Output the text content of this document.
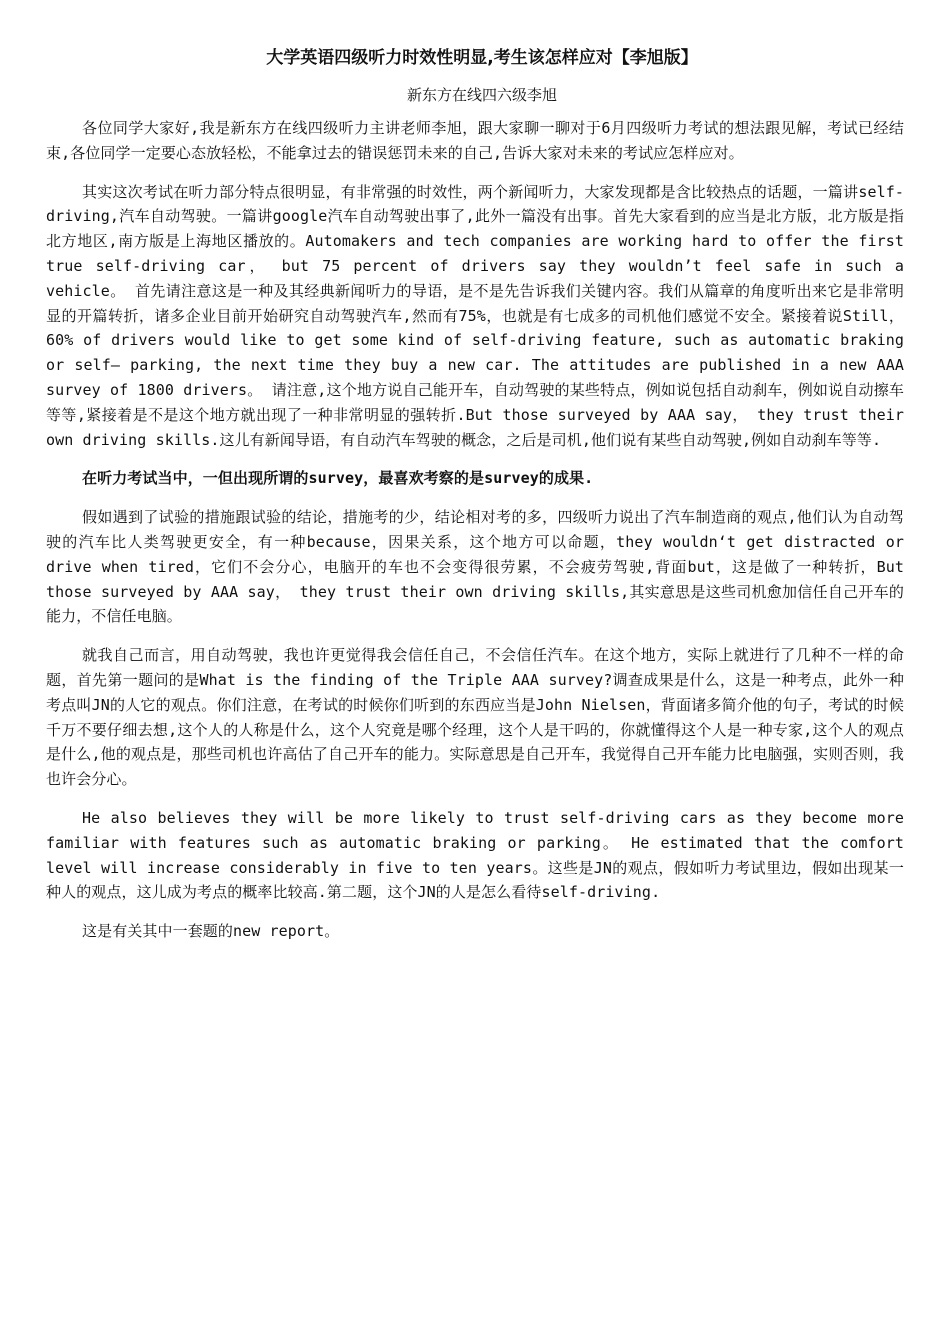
大学英语四级听力时效性明显,考生该怎样应对【李旭版】
新东方在线四六级李旭

各位同学大家好,我是新东方在线四级听力主讲老师李旭，跟大家聊一聊对于6月四级听力考试的想法跟见解，考试已经结束,各位同学一定要心态放轻松，不能拿过去的错误惩罚未来的自己,告诉大家对未来的考试应怎样应对。

其实这次考试在听力部分特点很明显，有非常强的时效性，两个新闻听力，大家发现都是含比较热点的话题，一篇讲self-driving,汽车自动驾驶。一篇讲google汽车自动驾驶出事了,此外一篇没有出事。首先大家看到的应当是北方版，北方版是指北方地区,南方版是上海地区播放的。Automakers and tech companies are working hard to offer the first true self-driving car， but 75 percent of drivers say they wouldn’t feel safe in such a vehicle。 首先请注意这是一种及其经典新闻听力的导语，是不是先告诉我们关键内容。我们从篇章的角度听出来它是非常明显的开篇转折，诸多企业目前开始研究自动驾驶汽车,然而有75%，也就是有七成多的司机他们感觉不安全。紧接着说Still， 60% of drivers would like to get some kind of self-driving feature, such as automatic braking or self— parking, the next time they buy a new car. The attitudes are published in a new AAA survey of 1800 drivers。 请注意,这个地方说自己能开车，自动驾驶的某些特点，例如说包括自动刹车，例如说自动擦车等等,紧接着是不是这个地方就出现了一种非常明显的强转折.But those surveyed by AAA say， they trust their own driving skills.这儿有新闻导语，有自动汽车驾驶的概念，之后是司机,他们说有某些自动驾驶,例如自动刹车等等.

在听力考试当中，一但出现所谓的survey，最喜欢考察的是survey的成果.

假如遇到了试验的措施跟试验的结论，措施考的少，结论相对考的多，四级听力说出了汽车制造商的观点,他们认为自动驾驶的汽车比人类驾驶更安全，有一种because，因果关系，这个地方可以命题，they wouldn‘t get distracted or drive when tired，它们不会分心，电脑开的车也不会变得很劳累，不会疲劳驾驶,背面but，这是做了一种转折，But those surveyed by AAA say， they trust their own driving skills,其实意思是这些司机愈加信任自己开车的能力，不信任电脑。

就我自己而言，用自动驾驶，我也许更觉得我会信任自己，不会信任汽车。在这个地方，实际上就进行了几种不一样的命题，首先第一题问的是What is the finding of the Triple AAA survey?调查成果是什么，这是一种考点，此外一种考点叫JN的人它的观点。你们注意，在考试的时候你们听到的东西应当是John Nielsen，背面诸多简介他的句子，考试的时候千万不要仔细去想,这个人的人称是什么，这个人究竟是哪个经理，这个人是干吗的，你就懂得这个人是一种专家,这个人的观点是什么,他的观点是，那些司机也许高估了自己开车的能力。实际意思是自己开车，我觉得自己开车能力比电脑强，实则否则，我也许会分心。

He also believes they will be more likely to trust self-driving cars as they become more familiar with features such as automatic braking or parking。 He estimated that the comfort level will increase considerably in five to ten years。这些是JN的观点，假如听力考试里边，假如出现某一种人的观点，这儿成为考点的概率比较高.第二题，这个JN的人是怎么看待self-driving.

这是有关其中一套题的new report。
